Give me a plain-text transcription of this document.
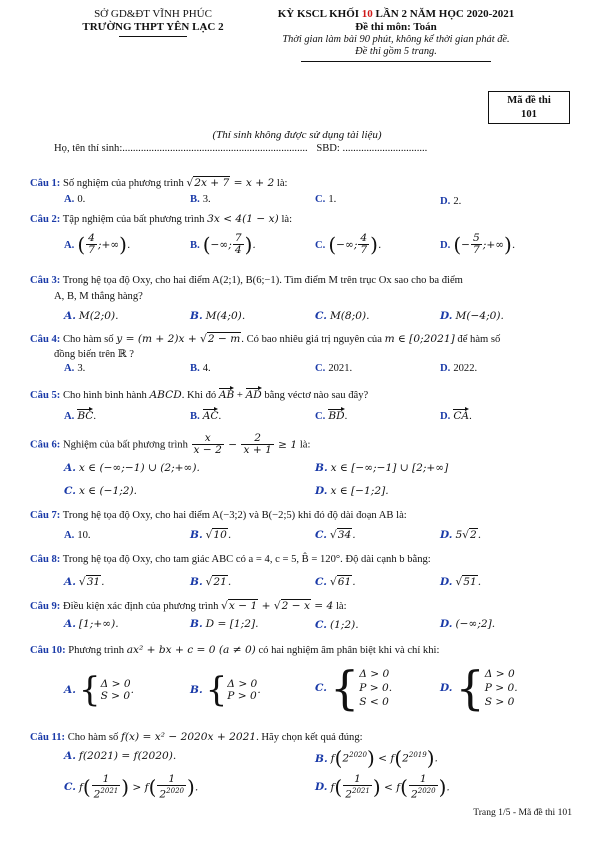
SỞ GD&ĐT VĨNH PHÚC
TRƯỜNG THPT YÊN LẠC 2
KỲ KSCL KHỐI 10 LẦN 2 NĂM HỌC 2020-2021
Đề thi môn: Toán
Thời gian làm bài 90 phút, không kể thời gian phát đề.
Đề thi gồm 5 trang.
Mã đề thi
101
(Thí sinh không được sử dụng tài liệu)
Họ, tên thí sinh:...................................................................... SBD: ................................
Câu 1: Số nghiệm của phương trình √2x + 7 = x + 2 là:
A. 0.	B. 3.	C. 1.	D. 2.
Câu 2: Tập nghiệm của bất phương trình 3x < 4(1 − x) là:
A. ( $\frac{4}{7}$ ;+∞).	B. (−∞; $\frac{7}{4}$ ).	C. (−∞; $\frac{4}{7}$ ).	D. (− $\frac{5}{7}$ ;+∞).
Câu 3: Trong hệ tọa độ Oxy, cho hai điểm A(2;1), B(6;−1). Tìm điểm M trên trục Ox sao cho ba điểm
A, B, M thẳng hàng?
A. M(2;0).	B. M(4;0).	C. M(8;0).	D. M(−4;0).
Câu 4: Cho hàm số y = (m + 2)x + √2 − m. Có bao nhiêu giá trị nguyên của m ∈ [0;2021] để hàm số
đồng biến trên ℝ ?
A. 3.	B. 4.	C. 2021.	D. 2022.
Câu 5: Cho hình bình hành ABCD. Khi đó AB + AD bằng véctơ nào sau đây?
A. BC.	B. AC.	C. BD.	D. CA.
Câu 6: Nghiệm của bất phương trình $\frac{x}{x - 2} - \frac{2}{x + 1} \ge 1$ là:
A. x ∈ (−∞;−1) ∪ (2;+∞).	B. x ∈ [−∞;−1] ∪ [2;+∞]
C. x ∈ (−1;2).	D. x ∈ [−1;2].
Câu 7: Trong hệ tọa độ Oxy, cho hai điểm A(−3;2) và B(−2;5) khi đó độ dài đoạn AB là:
A. 10.	B. √10.	C. √34.	D. 5√2.
Câu 8: Trong hệ tọa độ Oxy, cho tam giác ABC có a = 4, c = 5, B̂ = 120°. Độ dài cạnh b bằng:
A. √31.	B. √21.	C. √61.	D. √51.
Câu 9: Điều kiện xác định của phương trình √x − 1 + √2 − x = 4 là:
A. [1;+∞).	B. D = [1;2].	C. (1;2).	D. (−∞;2].
Câu 10: Phương trình ax² + bx + c = 0 (a ≠ 0) có hai nghiệm âm phân biệt khi và chỉ khi:
A.{Δ > 0
S > 0.	B.{Δ > 0
P > 0.	C.{Δ > 0
P > 0.
S < 0
D.{Δ > 0
P > 0.
S > 0
Câu 11: Cho hàm số f(x) = x² − 2020x + 2021. Hãy chọn kết quả đúng:
A. f(2021) = f(2020).	B. $f(2^{2020}) < f(2^{2019})$.
C. $f( \frac{1}{2^{2021}}$ ) > $f( \frac{1}{2^{2020}}$ ).	D. $f( \frac{1}{2^{2021}}$ ) < $f( \frac{1}{2^{2020}}$ ).
Trang 1/5 - Mã đề thi 101
